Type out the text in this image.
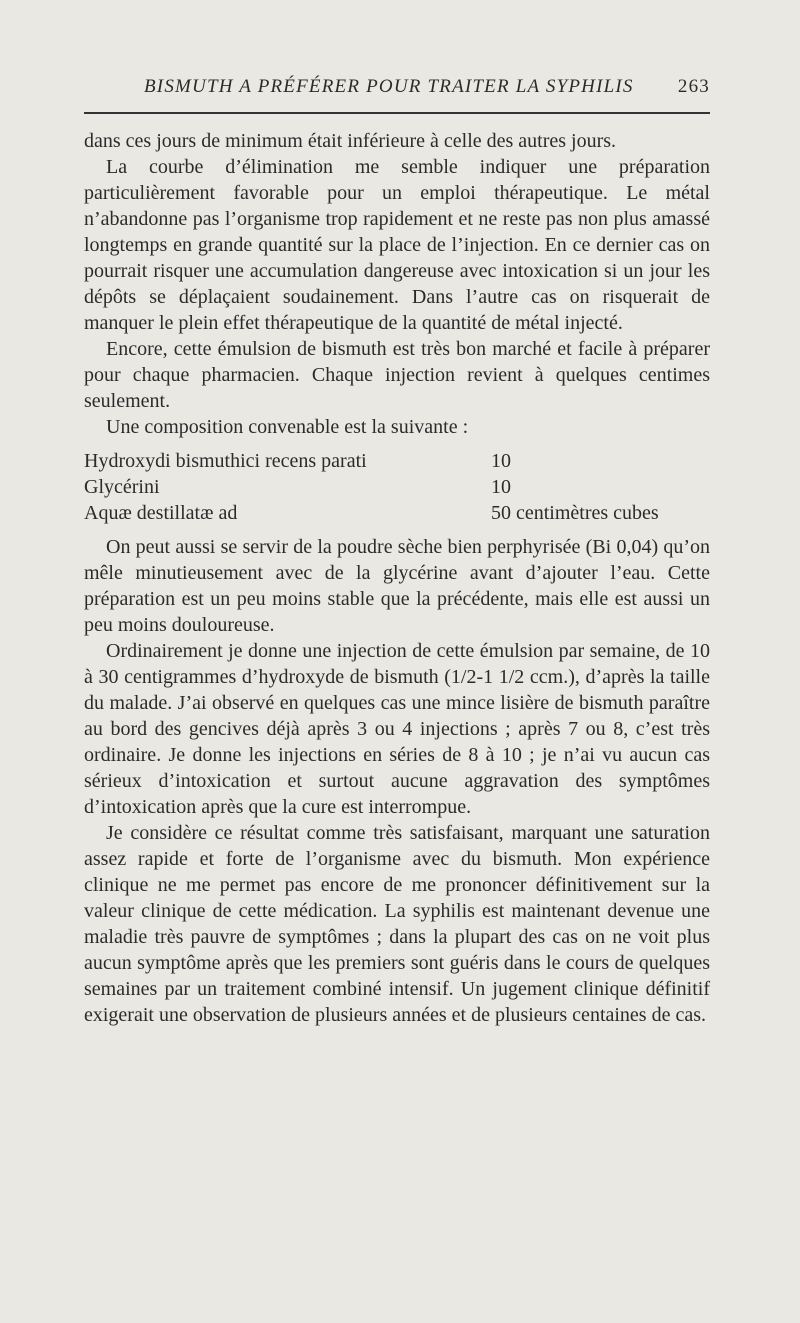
BISMUTH A PRÉFÉRER POUR TRAITER LA SYPHILIS 263

dans ces jours de minimum était inférieure à celle des autres jours.

La courbe d’élimination me semble indiquer une préparation particulièrement favorable pour un emploi thérapeutique. Le métal n’abandonne pas l’organisme trop rapidement et ne reste pas non plus amassé longtemps en grande quantité sur la place de l’injection. En ce dernier cas on pourrait risquer une accumulation dangereuse avec intoxication si un jour les dépôts se déplaçaient soudainement. Dans l’autre cas on risquerait de manquer le plein effet thérapeutique de la quantité de métal injecté.

Encore, cette émulsion de bismuth est très bon marché et facile à préparer pour chaque pharmacien. Chaque injection revient à quelques centimes seulement.

Une composition convenable est la suivante :

Hydroxydi bismuthici recens parati	10
Glycérini	10
Aquæ destillatæ ad	50 centimètres cubes

On peut aussi se servir de la poudre sèche bien perphyrisée (Bi 0,04) qu’on mêle minutieusement avec de la glycérine avant d’ajouter l’eau. Cette préparation est un peu moins stable que la précédente, mais elle est aussi un peu moins douloureuse.

Ordinairement je donne une injection de cette émulsion par semaine, de 10 à 30 centigrammes d’hydroxyde de bismuth (1/2-1 1/2 ccm.), d’après la taille du malade. J’ai observé en quelques cas une mince lisière de bismuth paraître au bord des gencives déjà après 3 ou 4 injections ; après 7 ou 8, c’est très ordinaire. Je donne les injections en séries de 8 à 10 ; je n’ai vu aucun cas sérieux d’intoxication et surtout aucune aggravation des symptômes d’intoxication après que la cure est interrompue.

Je considère ce résultat comme très satisfaisant, marquant une saturation assez rapide et forte de l’organisme avec du bismuth. Mon expérience clinique ne me permet pas encore de me prononcer définitivement sur la valeur clinique de cette médication. La syphilis est maintenant devenue une maladie très pauvre de symptômes ; dans la plupart des cas on ne voit plus aucun symptôme après que les premiers sont guéris dans le cours de quelques semaines par un traitement combiné intensif. Un jugement clinique définitif exigerait une observation de plusieurs années et de plusieurs centaines de cas.
